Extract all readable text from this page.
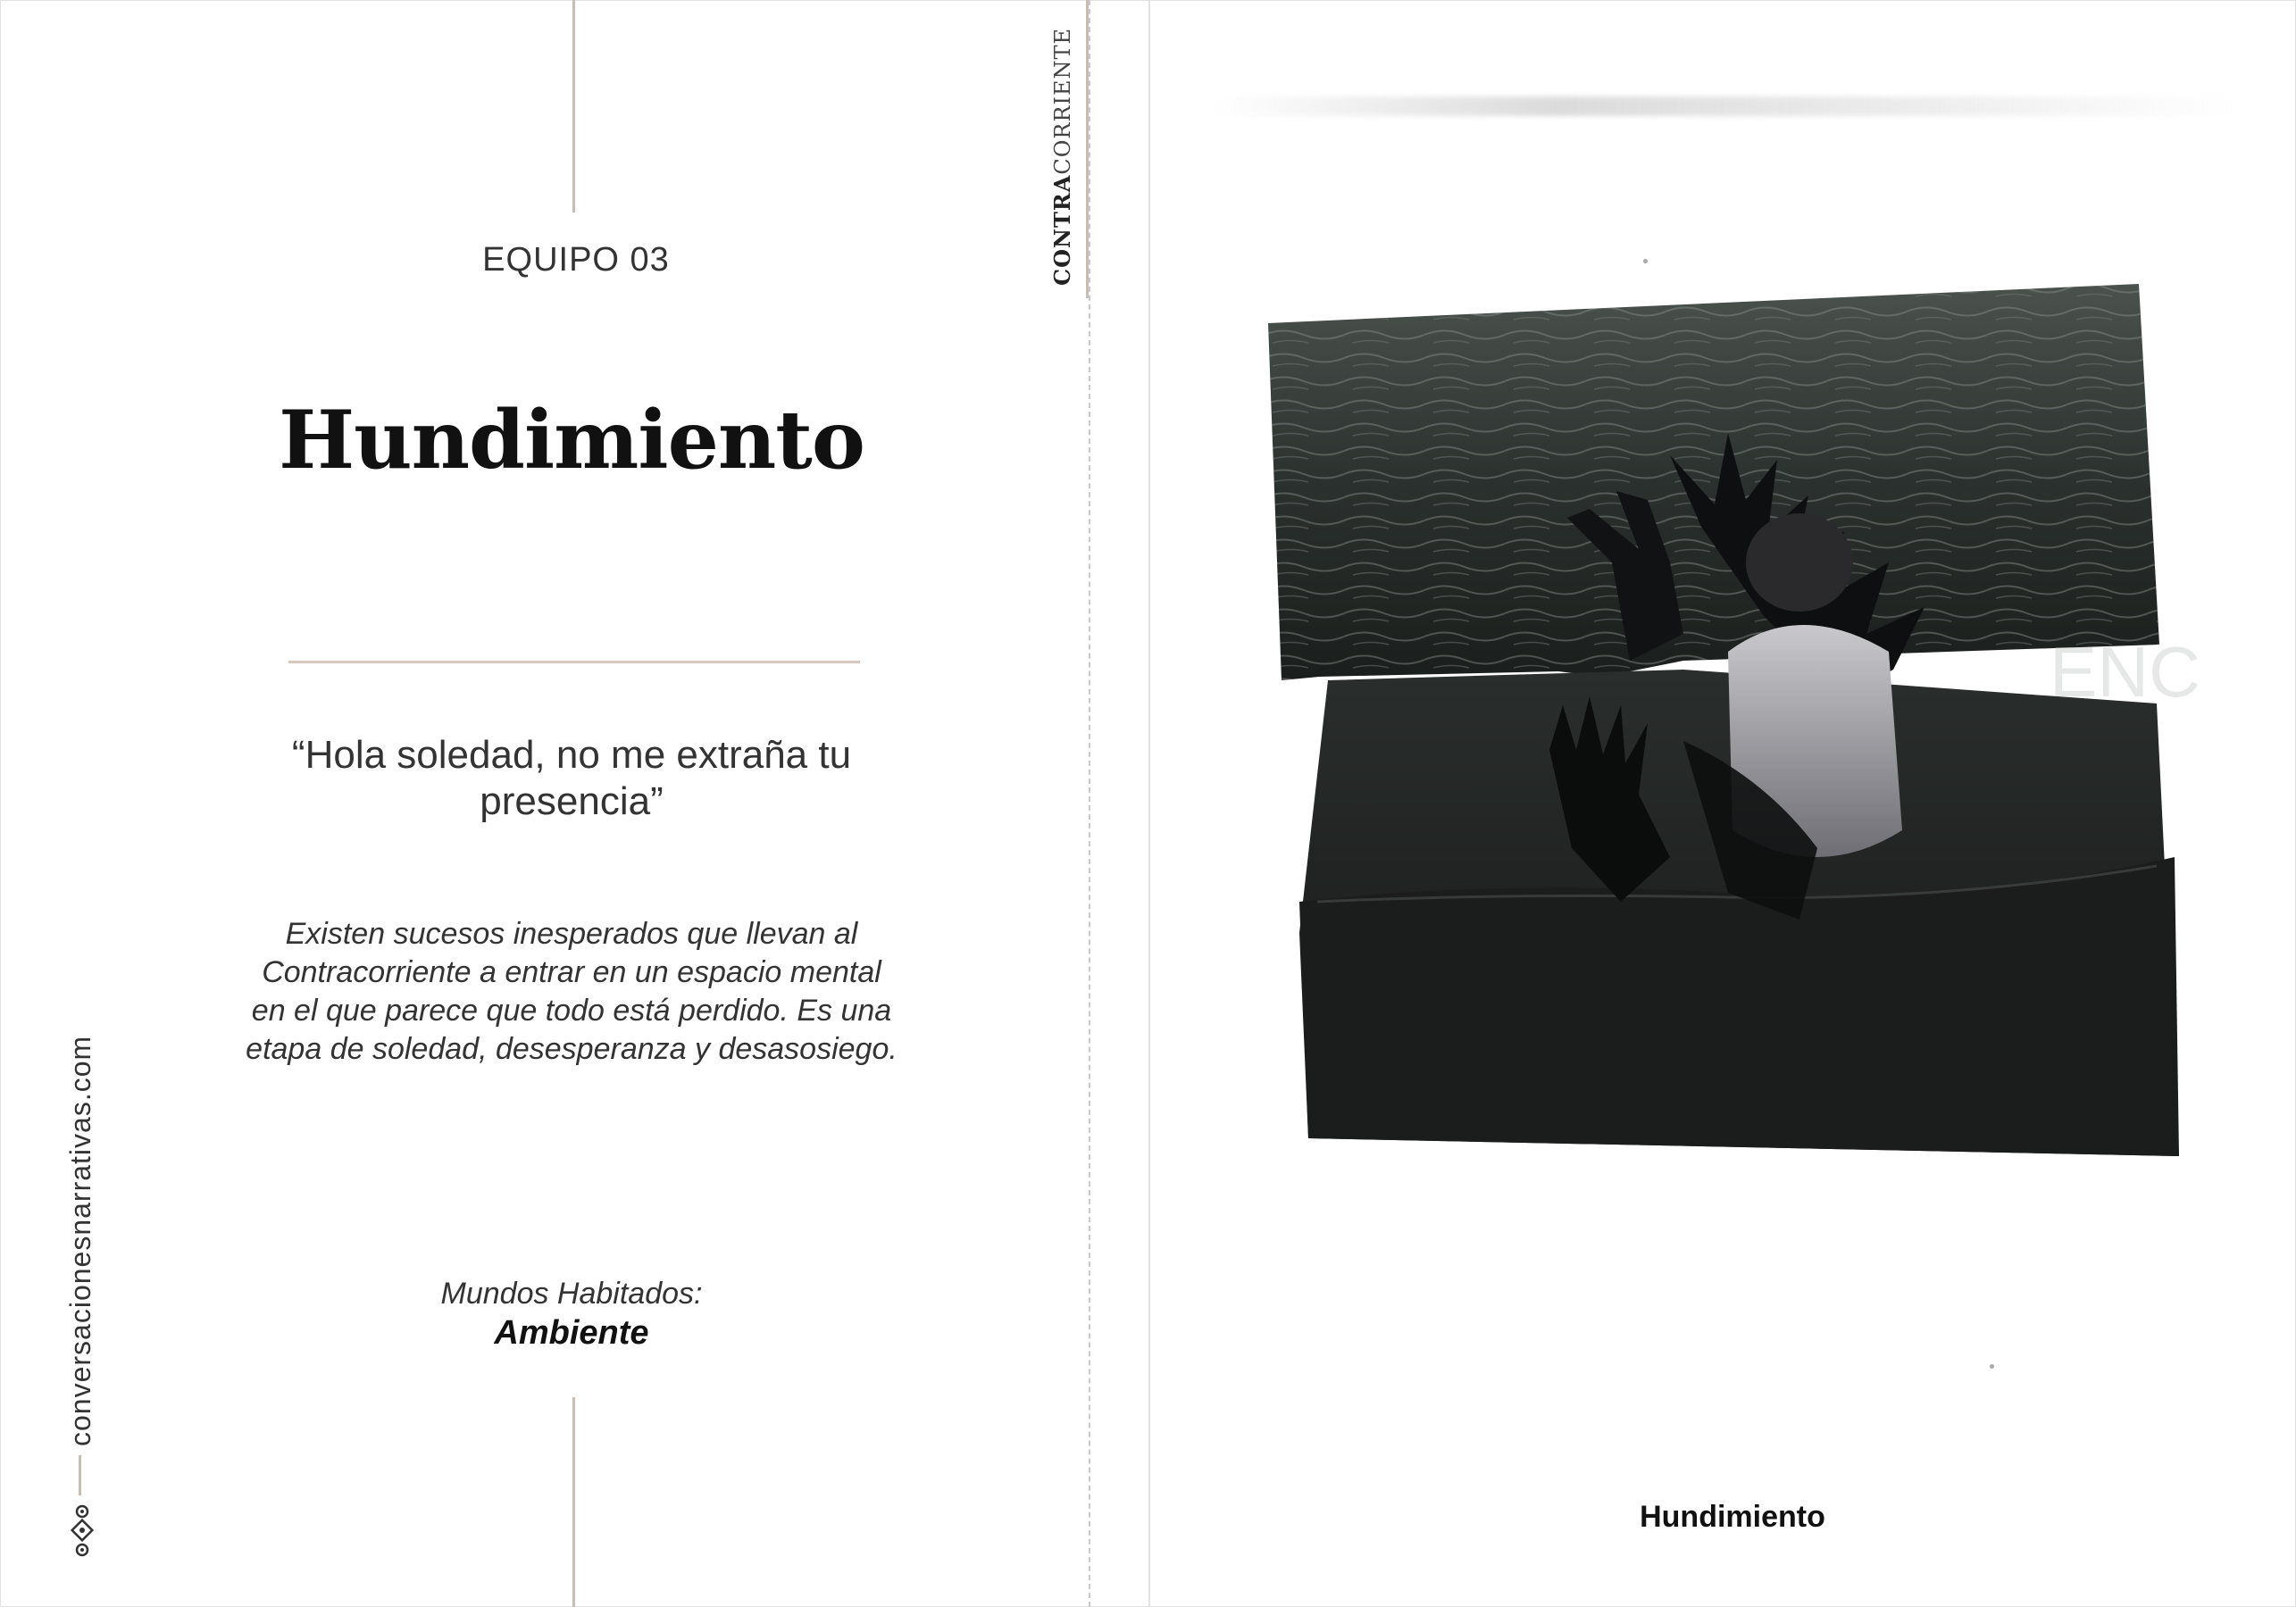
EQUIPO 03
Hundimiento
“Hola soledad, no me extraña tu presencia”
Existen sucesos inesperados que llevan al Contracorriente a entrar en un espacio mental en el que parece que todo está perdido. Es una etapa de soledad, desesperanza y desasosiego.
Mundos Habitados:
Ambiente
CONTRACORRIENTE
conversacionesnarrativas.com
ENC
Hundimiento
